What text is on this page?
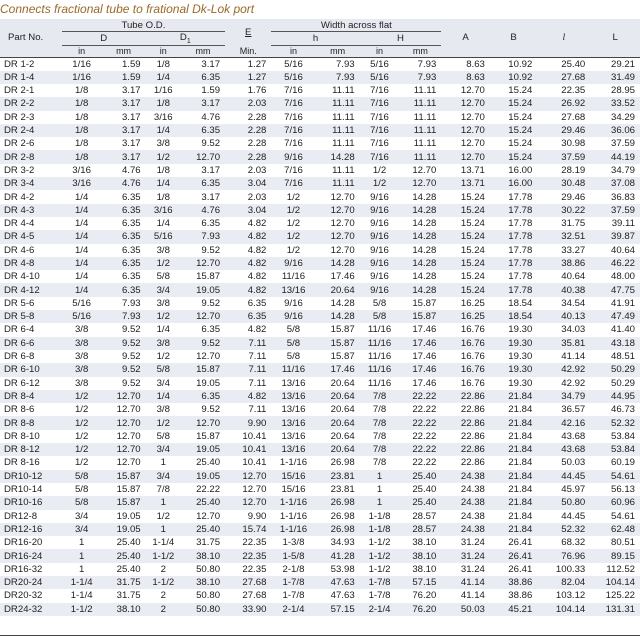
Connects fractional tube to frational Dk-Lok port
Part No.	Tube O.D.				E	Width across flat				A	B	l	L
	D		$D_1$			h		H					
	in	mm	in	mm	Min.	in	mm	in	mm				
DR 1-2	1/16	1.59	1/8	3.17	1.27	5/16	7.93	5/16	7.93	8.63	10.92	25.40	29.21
DR 1-4	1/16	1.59	1/4	6.35	1.27	5/16	7.93	5/16	7.93	8.63	10.92	27.68	31.49
DR 2-1	1/8	3.17	1/16	1.59	1.76	7/16	11.11	7/16	11.11	12.70	15.24	22.35	28.95
DR 2-2	1/8	3.17	1/8	3.17	2.03	7/16	11.11	7/16	11.11	12.70	15.24	26.92	33.52
DR 2-3	1/8	3.17	3/16	4.76	2.28	7/16	11.11	7/16	11.11	12.70	15.24	27.68	34.29
DR 2-4	1/8	3.17	1/4	6.35	2.28	7/16	11.11	7/16	11.11	12.70	15.24	29.46	36.06
DR 2-6	1/8	3.17	3/8	9.52	2.28	7/16	11.11	7/16	11.11	12.70	15.24	30.98	37.59
DR 2-8	1/8	3.17	1/2	12.70	2.28	9/16	14.28	7/16	11.11	12.70	15.24	37.59	44.19
DR 3-2	3/16	4.76	1/8	3.17	2.03	7/16	11.11	1/2	12.70	13.71	16.00	28.19	34.79
DR 3-4	3/16	4.76	1/4	6.35	3.04	7/16	11.11	1/2	12.70	13.71	16.00	30.48	37.08
DR 4-2	1/4	6.35	1/8	3.17	2.03	1/2	12.70	9/16	14.28	15.24	17.78	29.46	36.83
DR 4-3	1/4	6.35	3/16	4.76	3.04	1/2	12.70	9/16	14.28	15.24	17.78	30.22	37.59
DR 4-4	1/4	6.35	1/4	6.35	4.82	1/2	12.70	9/16	14.28	15.24	17.78	31.75	39.11
DR 4-5	1/4	6.35	5/16	7.93	4.82	1/2	12.70	9/16	14.28	15.24	17.78	32.51	39.87
DR 4-6	1/4	6.35	3/8	9.52	4.82	1/2	12.70	9/16	14.28	15.24	17.78	33.27	40.64
DR 4-8	1/4	6.35	1/2	12.70	4.82	9/16	14.28	9/16	14.28	15.24	17.78	38.86	46.22
DR 4-10	1/4	6.35	5/8	15.87	4.82	11/16	17.46	9/16	14.28	15.24	17.78	40.64	48.00
DR 4-12	1/4	6.35	3/4	19.05	4.82	13/16	20.64	9/16	14.28	15.24	17.78	40.38	47.75
DR 5-6	5/16	7.93	3/8	9.52	6.35	9/16	14.28	5/8	15.87	16.25	18.54	34.54	41.91
DR 5-8	5/16	7.93	1/2	12.70	6.35	9/16	14.28	5/8	15.87	16.25	18.54	40.13	47.49
DR 6-4	3/8	9.52	1/4	6.35	4.82	5/8	15.87	11/16	17.46	16.76	19.30	34.03	41.40
DR 6-6	3/8	9.52	3/8	9.52	7.11	5/8	15.87	11/16	17.46	16.76	19.30	35.81	43.18
DR 6-8	3/8	9.52	1/2	12.70	7.11	5/8	15.87	11/16	17.46	16.76	19.30	41.14	48.51
DR 6-10	3/8	9.52	5/8	15.87	7.11	11/16	17.46	11/16	17.46	16.76	19.30	42.92	50.29
DR 6-12	3/8	9.52	3/4	19.05	7.11	13/16	20.64	11/16	17.46	16.76	19.30	42.92	50.29
DR 8-4	1/2	12.70	1/4	6.35	4.82	13/16	20.64	7/8	22.22	22.86	21.84	34.79	44.95
DR 8-6	1/2	12.70	3/8	9.52	7.11	13/16	20.64	7/8	22.22	22.86	21.84	36.57	46.73
DR 8-8	1/2	12.70	1/2	12.70	9.90	13/16	20.64	7/8	22.22	22.86	21.84	42.16	52.32
DR 8-10	1/2	12.70	5/8	15.87	10.41	13/16	20.64	7/8	22.22	22.86	21.84	43.68	53.84
DR 8-12	1/2	12.70	3/4	19.05	10.41	13/16	20.64	7/8	22.22	22.86	21.84	43.68	53.84
DR 8-16	1/2	12.70	1	25.40	10.41	1-1/16	26.98	7/8	22.22	22.86	21.84	50.03	60.19
DR10-12	5/8	15.87	3/4	19.05	12.70	15/16	23.81	1	25.40	24.38	21.84	44.45	54.61
DR10-14	5/8	15.87	7/8	22.22	12.70	15/16	23.81	1	25.40	24.38	21.84	45.97	56.13
DR10-16	5/8	15.87	1	25.40	12.70	1-1/16	26.98	1	25.40	24.38	21.84	50.80	60.96
DR12-8	3/4	19.05	1/2	12.70	9.90	1-1/16	26.98	1-1/8	28.57	24.38	21.84	44.45	54.61
DR12-16	3/4	19.05	1	25.40	15.74	1-1/16	26.98	1-1/8	28.57	24.38	21.84	52.32	62.48
DR16-20	1	25.40	1-1/4	31.75	22.35	1-3/8	34.93	1-1/2	38.10	31.24	26.41	68.32	80.51
DR16-24	1	25.40	1-1/2	38.10	22.35	1-5/8	41.28	1-1/2	38.10	31.24	26.41	76.96	89.15
DR16-32	1	25.40	2	50.80	22.35	2-1/8	53.98	1-1/2	38.10	31.24	26.41	100.33	112.52
DR20-24	1-1/4	31.75	1-1/2	38.10	27.68	1-7/8	47.63	1-7/8	57.15	41.14	38.86	82.04	104.14
DR20-32	1-1/4	31.75	2	50.80	27.68	1-7/8	47.63	1-7/8	76.20	41.14	38.86	103.12	125.22
DR24-32	1-1/2	38.10	2	50.80	33.90	2-1/4	57.15	2-1/4	76.20	50.03	45.21	104.14	131.31
